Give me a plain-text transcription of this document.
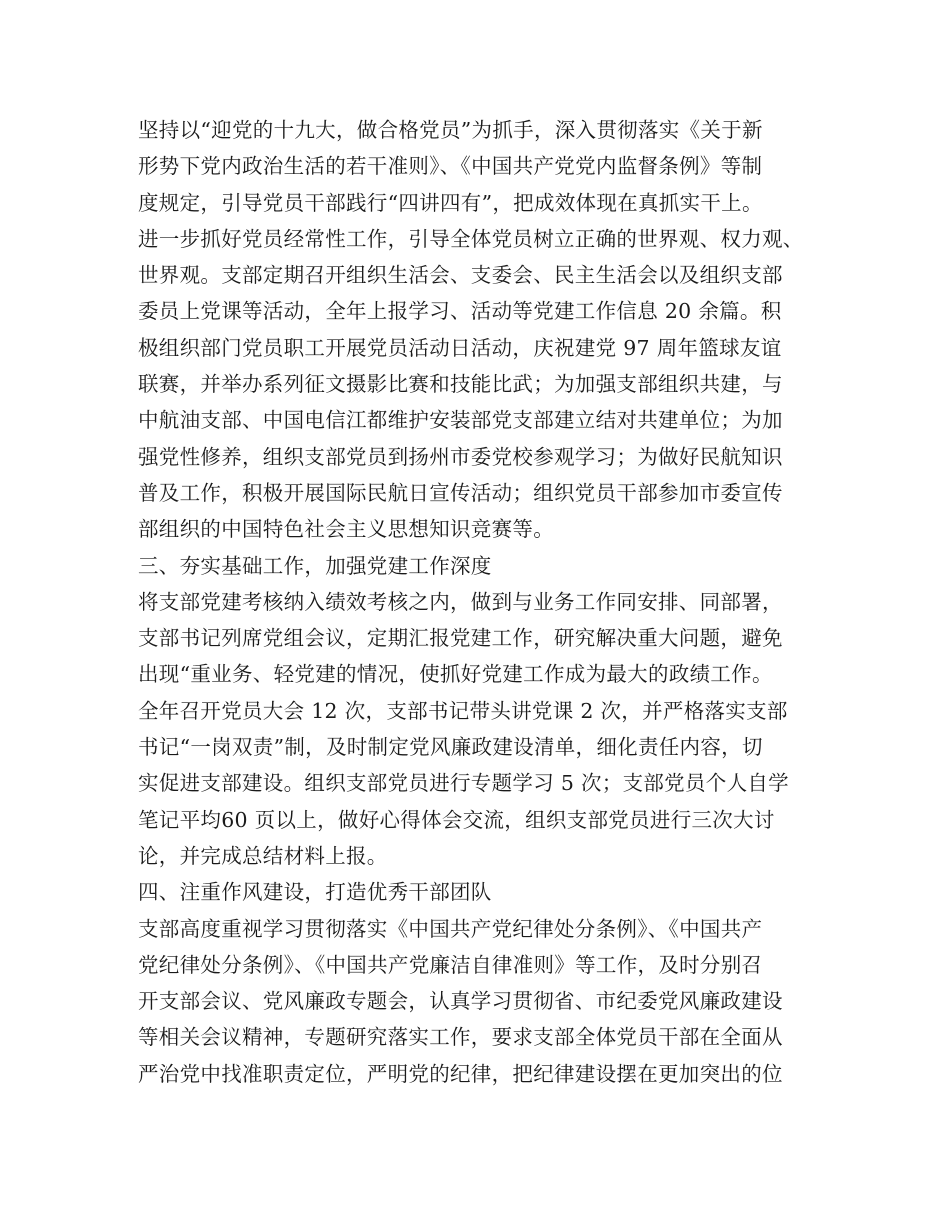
坚持以“迎党的十九大，做合格党员”为抓手，深入贯彻落实《关于新
形势下党内政治生活的若干准则》、《中国共产党党内监督条例》等制
度规定，引导党员干部践行“四讲四有”，把成效体现在真抓实干上。
进一步抓好党员经常性工作，引导全体党员树立正确的世界观、权力观、
世界观。支部定期召开组织生活会、支委会、民主生活会以及组织支部
委员上党课等活动，全年上报学习、活动等党建工作信息 20 余篇。积
极组织部门党员职工开展党员活动日活动，庆祝建党 97 周年篮球友谊
联赛，并举办系列征文摄影比赛和技能比武；为加强支部组织共建，与
中航油支部、中国电信江都维护安装部党支部建立结对共建单位；为加
强党性修养，组织支部党员到扬州市委党校参观学习；为做好民航知识
普及工作，积极开展国际民航日宣传活动；组织党员干部参加市委宣传
部组织的中国特色社会主义思想知识竞赛等。
三、夯实基础工作，加强党建工作深度
将支部党建考核纳入绩效考核之内，做到与业务工作同安排、同部署，
支部书记列席党组会议，定期汇报党建工作，研究解决重大问题，避免
出现“重业务、轻党建的情况，使抓好党建工作成为最大的政绩工作。
全年召开党员大会 12 次，支部书记带头讲党课 2 次，并严格落实支部
书记“一岗双责”制，及时制定党风廉政建设清单，细化责任内容，切
实促进支部建设。组织支部党员进行专题学习 5 次；支部党员个人自学
笔记平均60 页以上，做好心得体会交流，组织支部党员进行三次大讨
论，并完成总结材料上报。
四、注重作风建设，打造优秀干部团队
支部高度重视学习贯彻落实《中国共产党纪律处分条例》、《中国共产
党纪律处分条例》、《中国共产党廉洁自律准则》等工作，及时分别召
开支部会议、党风廉政专题会，认真学习贯彻省、市纪委党风廉政建设
等相关会议精神，专题研究落实工作，要求支部全体党员干部在全面从
严治党中找准职责定位，严明党的纪律，把纪律建设摆在更加突出的位
